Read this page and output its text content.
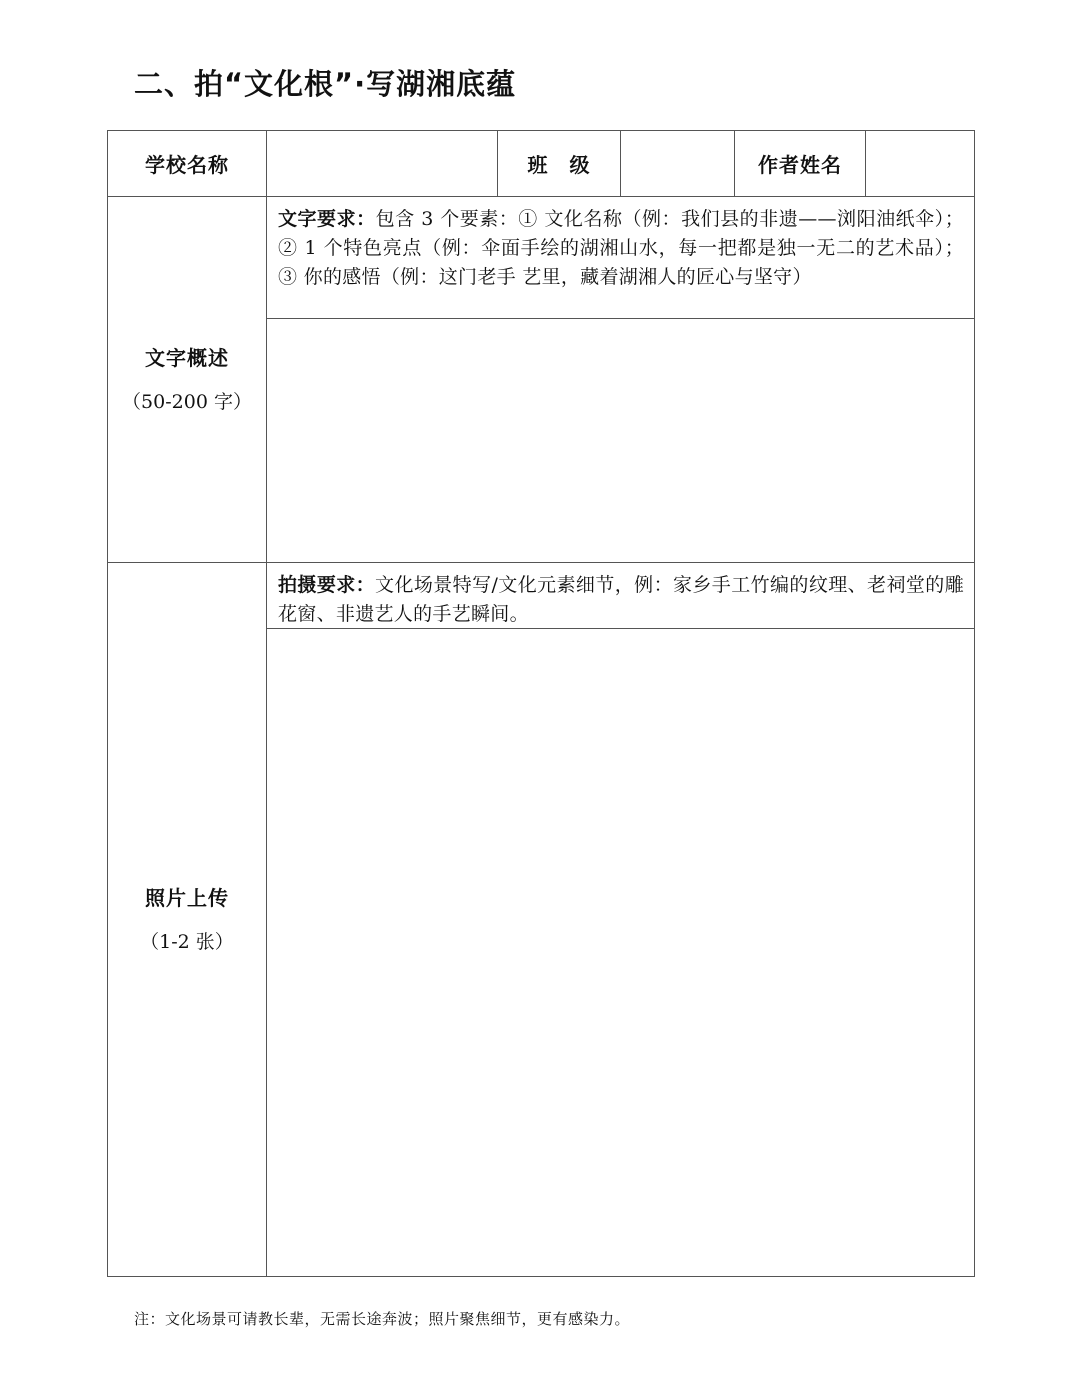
二、拍“文化根”·写湖湘底蕴
学校名称	班　级	作者姓名
文字概述
（50-200 字）
文字要求：包含 3 个要素：① 文化名称（例：我们县的非遗——浏阳油纸伞）；② 1 个特色亮点（例：伞面手绘的湖湘山水，每一把都是独一无二的艺术品）；③ 你的感悟（例：这门老手 艺里，藏着湖湘人的匠心与坚守）
照片上传
（1-2 张）
拍摄要求：文化场景特写/文化元素细节，例：家乡手工竹编的纹理、老祠堂的雕花窗、非遗艺人的手艺瞬间。
注：文化场景可请教长辈，无需长途奔波；照片聚焦细节，更有感染力。
